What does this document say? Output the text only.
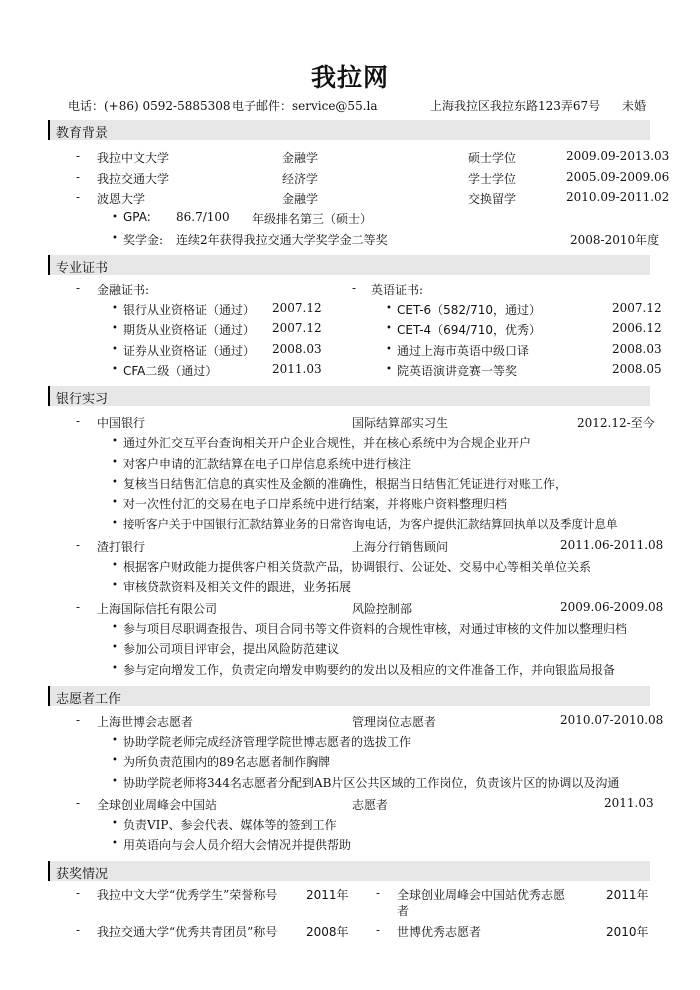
我拉网
电话：(+86) 0592-5885308 电子邮件：service@55.la	上海我拉区我拉东路123弄67号 未婚
教育背景
- 我拉中文大学	金融学	硕士学位	2009.09-2013.03
- 我拉交通大学	经济学	学士学位	2005.09-2009.06
- 波恩大学	金融学	交换留学	2010.09-2011.02
• GPA: 86.7/100 年级排名第三（硕士）
• 奖学金: 连续2年获得我拉交通大学奖学金二等奖	2008-2010年度
专业证书
- 金融证书:	- 英语证书:
• 银行从业资格证（通过） 2007.12	• CET-6（582/710，通过）	2007.12
• 期货从业资格证（通过） 2007.12	• CET-4（694/710，优秀）	2006.12
• 证券从业资格证（通过） 2008.03	• 通过上海市英语中级口译	2008.03
• CFA二级（通过）	2011.03	• 院英语演讲竞赛一等奖	2008.05
银行实习
- 中国银行	国际结算部实习生	2012.12-至今
• 通过外汇交互平台查询相关开户企业合规性，并在核心系统中为合规企业开户
• 对客户申请的汇款结算在电子口岸信息系统中进行核注
• 复核当日结售汇信息的真实性及金额的准确性，根据当日结售汇凭证进行对账工作，
• 对一次性付汇的交易在电子口岸系统中进行结案，并将账户资料整理归档
• 接听客户关于中国银行汇款结算业务的日常咨询电话，为客户提供汇款结算回执单以及季度计息单
- 渣打银行	上海分行销售顾问	2011.06-2011.08
• 根据客户财政能力提供客户相关贷款产品，协调银行、公证处、交易中心等相关单位关系
• 审核贷款资料及相关文件的跟进，业务拓展
- 上海国际信托有限公司	风险控制部	2009.06-2009.08
• 参与项目尽职调查报告、项目合同书等文件资料的合规性审核，对通过审核的文件加以整理归档
• 参加公司项目评审会，提出风险防范建议
• 参与定向增发工作，负责定向增发申购要约的发出以及相应的文件准备工作，并向银监局报备
志愿者工作
- 上海世博会志愿者	管理岗位志愿者	2010.07-2010.08
• 协助学院老师完成经济管理学院世博志愿者的选拔工作
• 为所负责范围内的89名志愿者制作胸牌
• 协助学院老师将344名志愿者分配到AB片区公共区域的工作岗位，负责该片区的协调以及沟通
- 全球创业周峰会中国站	志愿者	2011.03
• 负责VIP、参会代表、媒体等的签到工作
• 用英语向与会人员介绍大会情况并提供帮助
获奖情况
- 我拉中文大学“优秀学生”荣誉称号 2011年 - 全球创业周峰会中国站优秀志愿	2011年
者
- 我拉交通大学“优秀共青团员”称号 2008年 - 世博优秀志愿者	2010年
